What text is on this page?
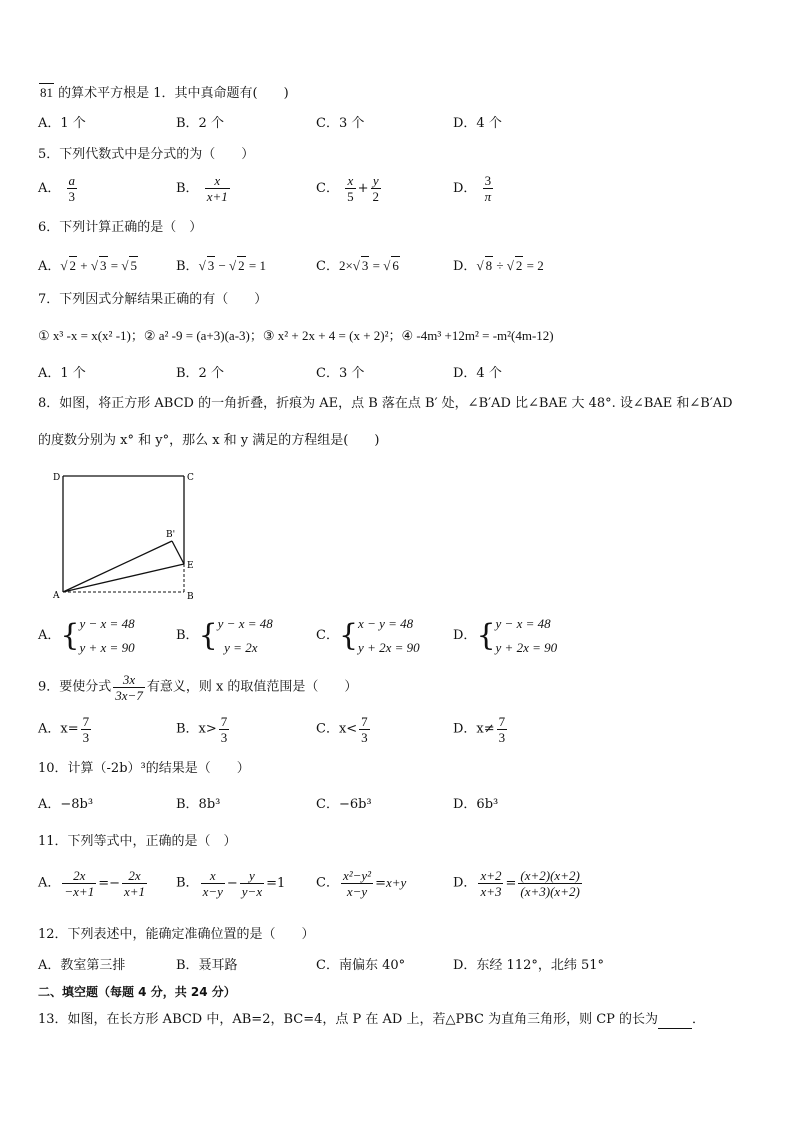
81 的算术平方根是 1．其中真命题有(　　)
A．1 个	B．2 个	C．3 个	D．4 个
5．下列代数式中是分式的为（　　）
A． $\frac{a}{3}$	B． $\frac{x}{x+1}$	C． $\frac{x}{5} + \frac{y}{2}$	D． $\frac{3}{\pi}$
6．下列计算正确的是（　）
A．√ 2 + √ 3 = √ 5	B．√ 3 − √ 2 = 1	C．2×√ 3 = √ 6	D．√ 8 ÷ √ 2 = 2
7．下列因式分解结果正确的有（　　）
① x³ -x = x(x² -1)；② a² -9 = (a+3)(a-3)；③ x² + 2x + 4 = (x + 2)²；④ -4m³ +12m² = -m²(4m-12)
A．1 个	B．2 个	C．3 个	D．4 个
8．如图，将正方形 ABCD 的一角折叠，折痕为 AE，点 B 落在点 B′ 处，∠B′AD 比∠BAE 大 48°. 设∠BAE 和∠B′AD
的度数分别为 x° 和 y°，那么 x 和 y 满足的方程组是(　　)
D	C
A	B
E
B'
A．{ y − x = 48
y + x = 90
B．{ y − x = 48
y = 2x
C．{ x − y = 48
y + 2x = 90
D．{ y − x = 48
y + 2x = 90
9．要使分式 $\frac{3x}{3x-7}$ 有意义，则 x 的取值范围是（　　）
A．$x= \frac{7}{3}$	B．$x> \frac{7}{3}$	C．$x< \frac{7}{3}$	D．$x\ne \frac{7}{3}$
10．计算（-2b）³的结果是（　　）
A．−8b³	B．8b³	C．−6b³	D．6b³
11．下列等式中，正确的是（　）
A． $\frac{2x}{-x+1} =- \frac{2x}{x+1}$ B． $\frac{x}{x-y} - \frac{y}{y-x} =1$ C． $\frac{\text{x²−y²}}{x-y} =x+y$	D． $\frac{x+2}{x+3} = \frac{(x+2)(x+2)}{(x+3)(x+2)}$
12．下列表述中，能确定准确位置的是（　　）
A．教室第三排	B．聂耳路	C．南偏东 40°	D．东经 112°，北纬 51°
二、填空题（每题 4 分，共 24 分）
13．如图，在长方形 ABCD 中，AB=2，BC=4，点 P 在 AD 上，若△PBC 为直角三角形，则 CP 的长为	．
